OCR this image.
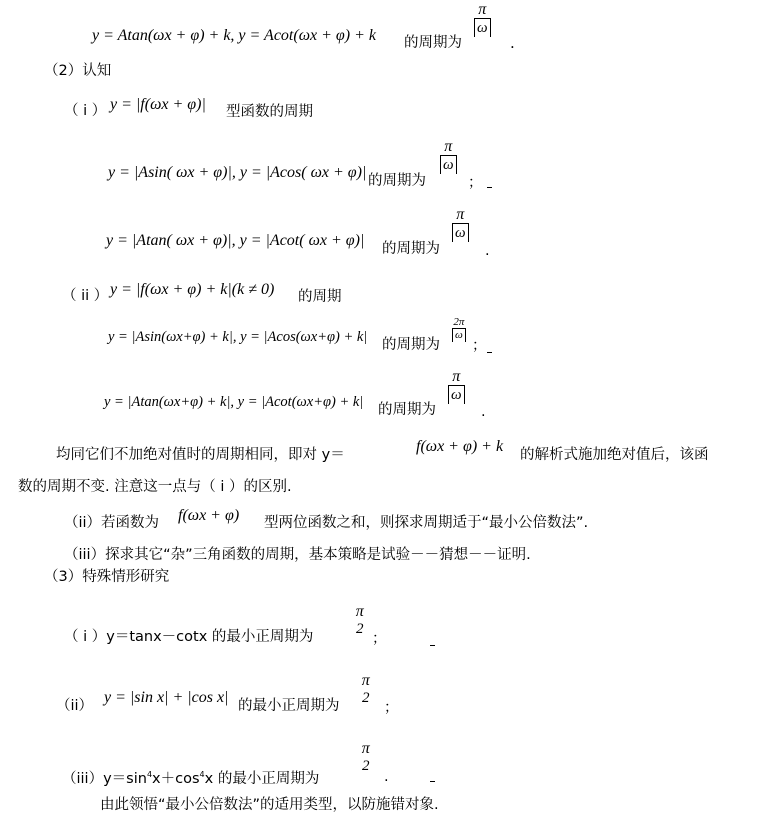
y = Atan(ωx + φ) + k, y = Acot(ωx + φ) + k 的周期为
$\frac{\pi}{\omega}$
.
（2）认知
（ i ） y = |f(ωx + φ)| 型函数的周期
y = |Asin( ωx + φ)|, y = |Acos( ωx + φ)| 的周期为
$\frac{\pi}{\omega}$
；
y = |Atan( ωx + φ)|, y = |Acot( ωx + φ)| 的周期为
$\frac{\pi}{\omega}$
.
（ ii ） y = |f(ωx + φ) + k|(k ≠ 0) 的周期
y = |Asin(ωx+φ) + k|, y = |Acos(ωx+φ) + k| 的周期为
$\frac{2\pi}{\omega}$
；
y = |Atan(ωx+φ) + k|, y = |Acot(ωx+φ) + k| 的周期为
$\frac{\pi}{\omega}$
.
均同它们不加绝对值时的周期相同，即对 y＝	f(ωx + φ) + k 的解析式施加绝对值后，该函
数的周期不变. 注意这一点与（ i ）的区别.
（ii）若函数为 f(ωx + φ) 型两位函数之和，则探求周期适于“最小公倍数法”.
（iii）探求其它“杂”三角函数的周期，基本策略是试验－－猜想－－证明.
（3）特殊情形研究
（ i ）y＝tanx－cotx 的最小正周期为
π
2
；
（ii） y = |sin x| + |cos x| 的最小正周期为
π
2
；
$(iii)y=\sin^4x+\cos^4x$ 的最小正周期为
π
2
.
由此领悟“最小公倍数法”的适用类型，以防施错对象.
